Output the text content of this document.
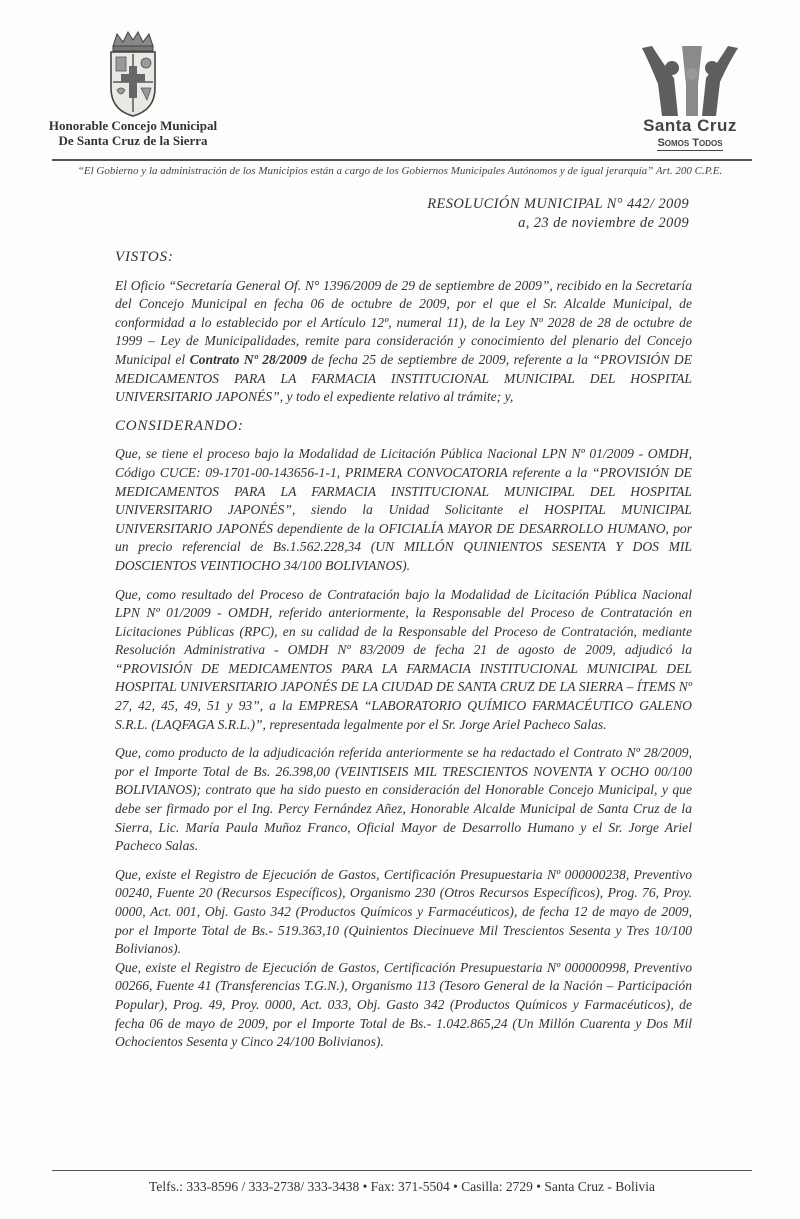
Honorable Concejo Municipal
De Santa Cruz de la Sierra
Santa Cruz
Somos Todos
“El Gobierno y la administración de los Municipios están a cargo de los Gobiernos Municipales Autónomos y de igual jerarquía” Art. 200 C.P.E.
RESOLUCIÓN MUNICIPAL N° 442/ 2009
a, 23 de noviembre de 2009
VISTOS:

El Oficio “Secretaría General Of. N° 1396/2009 de 29 de septiembre de 2009”, recibido en la Secretaría del Concejo Municipal en fecha 06 de octubre de 2009, por el que el Sr. Alcalde Municipal, de conformidad a lo establecido por el Artículo 12º, numeral 11), de la Ley Nº 2028 de 28 de octubre de 1999 – Ley de Municipalidades, remite para consideración y conocimiento del plenario del Concejo Municipal el Contrato Nº 28/2009 de fecha 25 de septiembre de 2009, referente a la “PROVISIÓN DE MEDICAMENTOS PARA LA FARMACIA INSTITUCIONAL MUNICIPAL DEL HOSPITAL UNIVERSITARIO JAPONÉS”, y todo el expediente relativo al trámite; y,

CONSIDERANDO:

Que, se tiene el proceso bajo la Modalidad de Licitación Pública Nacional LPN Nº 01/2009 - OMDH, Código CUCE: 09-1701-00-143656-1-1, PRIMERA CONVOCATORIA referente a la “PROVISIÓN DE MEDICAMENTOS PARA LA FARMACIA INSTITUCIONAL MUNICIPAL DEL HOSPITAL UNIVERSITARIO JAPONÉS”, siendo la Unidad Solicitante el HOSPITAL MUNICIPAL UNIVERSITARIO JAPONÉS dependiente de la OFICIALÍA MAYOR DE DESARROLLO HUMANO, por un precio referencial de Bs.1.562.228,34 (UN MILLÓN QUINIENTOS SESENTA Y DOS MIL DOSCIENTOS VEINTIOCHO 34/100 BOLIVIANOS).

Que, como resultado del Proceso de Contratación bajo la Modalidad de Licitación Pública Nacional LPN Nº 01/2009 - OMDH, referido anteriormente, la Responsable del Proceso de Contratación en Licitaciones Públicas (RPC), en su calidad de la Responsable del Proceso de Contratación, mediante Resolución Administrativa - OMDH Nº 83/2009 de fecha 21 de agosto de 2009, adjudicó la “PROVISIÓN DE MEDICAMENTOS PARA LA FARMACIA INSTITUCIONAL MUNICIPAL DEL HOSPITAL UNIVERSITARIO JAPONÉS DE LA CIUDAD DE SANTA CRUZ DE LA SIERRA – ÍTEMS Nº 27, 42, 45, 49, 51 y 93”, a la EMPRESA “LABORATORIO QUÍMICO FARMACÉUTICO GALENO S.R.L. (LAQFAGA S.R.L.)”, representada legalmente por el Sr. Jorge Ariel Pacheco Salas.

Que, como producto de la adjudicación referida anteriormente se ha redactado el Contrato Nº 28/2009, por el Importe Total de Bs. 26.398,00 (VEINTISEIS MIL TRESCIENTOS NOVENTA Y OCHO 00/100 BOLIVIANOS); contrato que ha sido puesto en consideración del Honorable Concejo Municipal, y que debe ser firmado por el Ing. Percy Fernández Añez, Honorable Alcalde Municipal de Santa Cruz de la Sierra, Lic. María Paula Muñoz Franco, Oficial Mayor de Desarrollo Humano y el Sr. Jorge Ariel Pacheco Salas.

Que, existe el Registro de Ejecución de Gastos, Certificación Presupuestaria Nº 000000238, Preventivo 00240, Fuente 20 (Recursos Específicos), Organismo 230 (Otros Recursos Específicos), Prog. 76, Proy. 0000, Act. 001, Obj. Gasto 342 (Productos Químicos y Farmacéuticos), de fecha 12 de mayo de 2009, por el Importe Total de Bs.- 519.363,10 (Quinientos Diecinueve Mil Trescientos Sesenta y Tres 10/100 Bolivianos).

Que, existe el Registro de Ejecución de Gastos, Certificación Presupuestaria Nº 000000998, Preventivo 00266, Fuente 41 (Transferencias T.G.N.), Organismo 113 (Tesoro General de la Nación – Participación Popular), Prog. 49, Proy. 0000, Act. 033, Obj. Gasto 342 (Productos Químicos y Farmacéuticos), de fecha 06 de mayo de 2009, por el Importe Total de Bs.- 1.042.865,24 (Un Millón Cuarenta y Dos Mil Ochocientos Sesenta y Cinco 24/100 Bolivianos).

Telfs.: 333-8596 / 333-2738/ 333-3438 • Fax: 371-5504 • Casilla: 2729 • Santa Cruz - Bolivia
